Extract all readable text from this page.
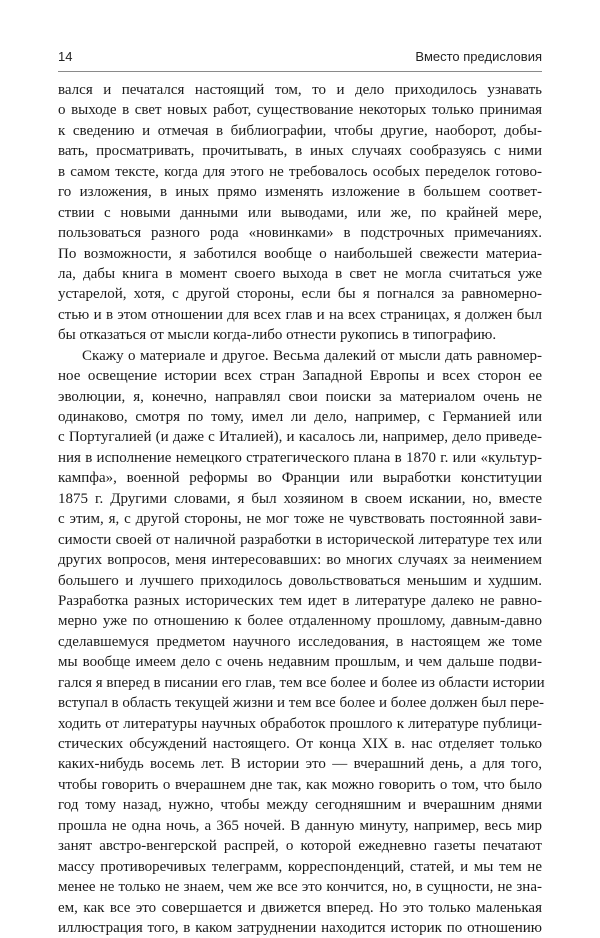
14	Вместо предисловия
вался и печатался настоящий том, то и дело приходилось узнавать
о выходе в свет новых работ, существование некоторых только принимая
к сведению и отмечая в библиографии, чтобы другие, наоборот, добы-
вать, просматривать, прочитывать, в иных случаях сообразуясь с ними
в самом тексте, когда для этого не требовалось особых переделок готово-
го изложения, в иных прямо изменять изложение в большем соответ-
ствии с новыми данными или выводами, или же, по крайней мере,
пользоваться разного рода «новинками» в подстрочных примечаниях.
По возможности, я заботился вообще о наибольшей свежести материа-
ла, дабы книга в момент своего выхода в свет не могла считаться уже
устарелой, хотя, с другой стороны, если бы я погнался за равномерно-
стью и в этом отношении для всех глав и на всех страницах, я должен был
бы отказаться от мысли когда-либо отнести рукопись в типографию.
Скажу о материале и другое. Весьма далекий от мысли дать равномер-
ное освещение истории всех стран Западной Европы и всех сторон ее
эволюции, я, конечно, направлял свои поиски за материалом очень не
одинаково, смотря по тому, имел ли дело, например, с Германией или
с Португалией (и даже с Италией), и касалось ли, например, дело приведе-
ния в исполнение немецкого стратегического плана в 1870 г. или «культур-
кампфа», военной реформы во Франции или выработки конституции
1875 г. Другими словами, я был хозяином в своем искании, но, вместе
с этим, я, с другой стороны, не мог тоже не чувствовать постоянной зави-
симости своей от наличной разработки в исторической литературе тех или
других вопросов, меня интересовавших: во многих случаях за неимением
большего и лучшего приходилось довольствоваться меньшим и худшим.
Разработка разных исторических тем идет в литературе далеко не равно-
мерно уже по отношению к более отдаленному прошлому, давным-давно
сделавшемуся предметом научного исследования, в настоящем же томе
мы вообще имеем дело с очень недавним прошлым, и чем дальше подви-
гался я вперед в писании его глав, тем все более и более из области истории
вступал в область текущей жизни и тем все более и более должен был пере-
ходить от литературы научных обработок прошлого к литературе публици-
стических обсуждений настоящего. От конца XIX в. нас отделяет только
каких-нибудь восемь лет. В истории это — вчерашний день, а для того,
чтобы говорить о вчерашнем дне так, как можно говорить о том, что было
год тому назад, нужно, чтобы между сегодняшним и вчерашним днями
прошла не одна ночь, а 365 ночей. В данную минуту, например, весь мир
занят австро-венгерской распрей, о которой ежедневно газеты печатают
массу противоречивых телеграмм, корреспонденций, статей, и мы тем не
менее не только не знаем, чем же все это кончится, но, в сущности, не зна-
ем, как все это совершается и движется вперед. Но это только маленькая
иллюстрация того, в каком затруднении находится историк по отношению
